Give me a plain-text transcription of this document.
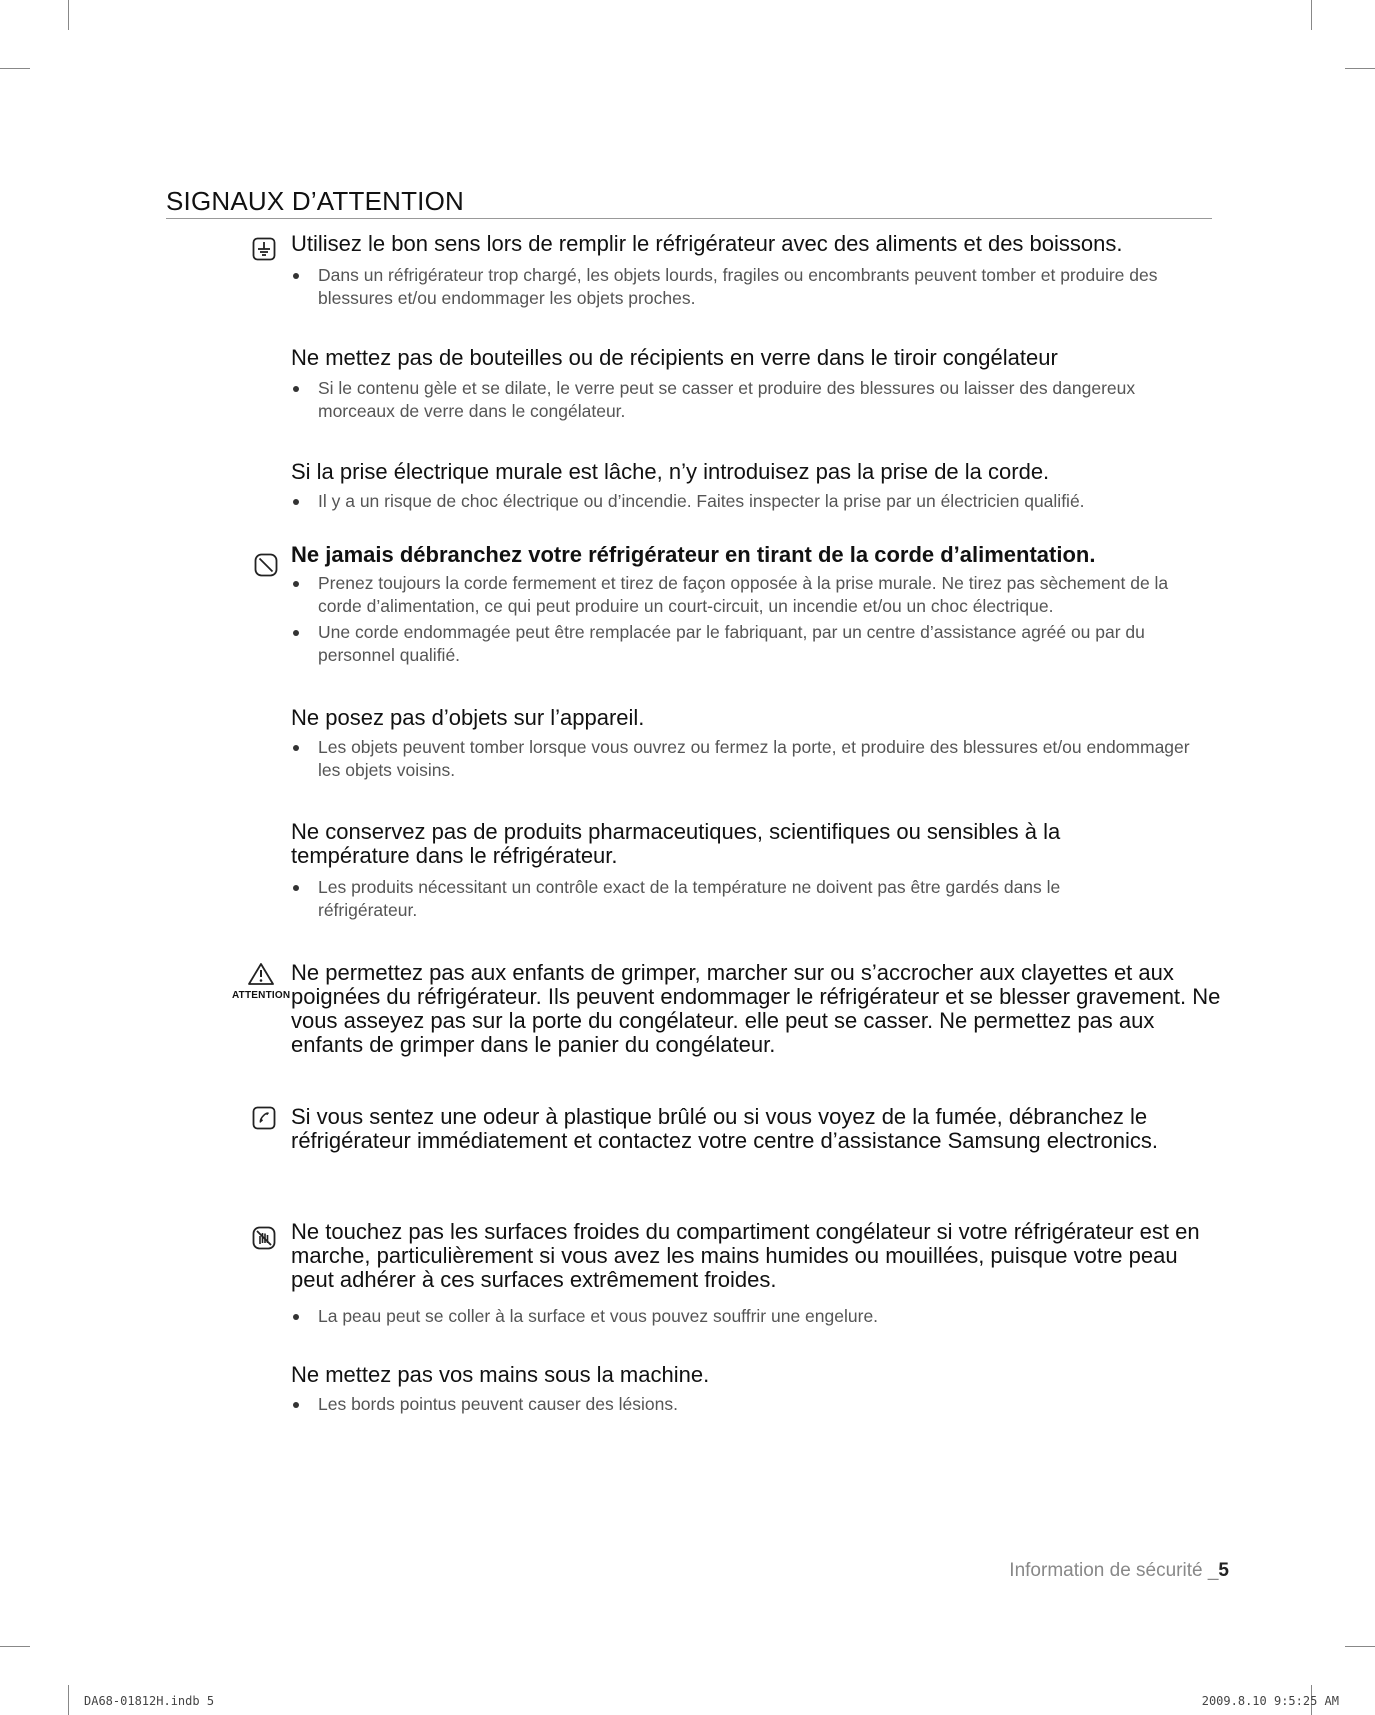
SIGNAUX D’ATTENTION
Utilisez le bon sens lors de remplir le réfrigérateur avec des aliments et des boissons.
Dans un réfrigérateur trop chargé, les objets lourds, fragiles ou encombrants peuvent tomber et produire des blessures et/ou endommager les objets proches.
Ne mettez pas de bouteilles ou de récipients en verre dans le tiroir congélateur
Si le contenu gèle et se dilate, le verre peut se casser et produire des blessures ou laisser des dangereux morceaux de verre dans le congélateur.
Si la prise électrique murale est lâche, n’y introduisez pas la prise de la corde.
Il y a un risque de choc électrique ou d’incendie. Faites inspecter la prise par un électricien qualifié.
Ne jamais débranchez votre réfrigérateur en tirant de la corde d’alimentation.
Prenez toujours la corde fermement et tirez de façon opposée à la prise murale. Ne tirez pas sèchement de la corde d’alimentation, ce qui peut produire un court-circuit, un incendie et/ou un choc électrique.
Une corde endommagée peut être remplacée par le fabriquant, par un centre d’assistance agréé ou par du personnel qualifié.
Ne posez pas d’objets sur l’appareil.
Les objets peuvent tomber lorsque vous ouvrez ou fermez la porte, et produire des blessures et/ou endommager les objets voisins.
Ne conservez pas de produits pharmaceutiques, scientifiques ou sensibles à la température dans le réfrigérateur.
Les produits nécessitant un contrôle exact de la température ne doivent pas être gardés dans le réfrigérateur.
ATTENTION
Ne permettez pas aux enfants de grimper, marcher sur ou s’accrocher aux clayettes et aux poignées du réfrigérateur. Ils peuvent endommager le réfrigérateur et se blesser gravement. Ne vous asseyez pas sur la porte du congélateur. elle peut se casser. Ne permettez pas aux enfants de grimper dans le panier du congélateur.
Si vous sentez une odeur à plastique brûlé ou si vous voyez de la fumée, débranchez le réfrigérateur immédiatement et contactez votre centre d’assistance Samsung electronics.
Ne touchez pas les surfaces froides du compartiment congélateur si votre réfrigérateur est en marche, particulièrement si vous avez les mains humides ou mouillées, puisque votre peau peut adhérer à ces surfaces extrêmement froides.
La peau peut se coller à la surface et vous pouvez souffrir une engelure.
Ne mettez pas vos mains sous la machine.
Les bords pointus peuvent causer des lésions.
Information de sécurité _5
DA68-01812H.indb 5	2009.8.10 9:5:25 AM
